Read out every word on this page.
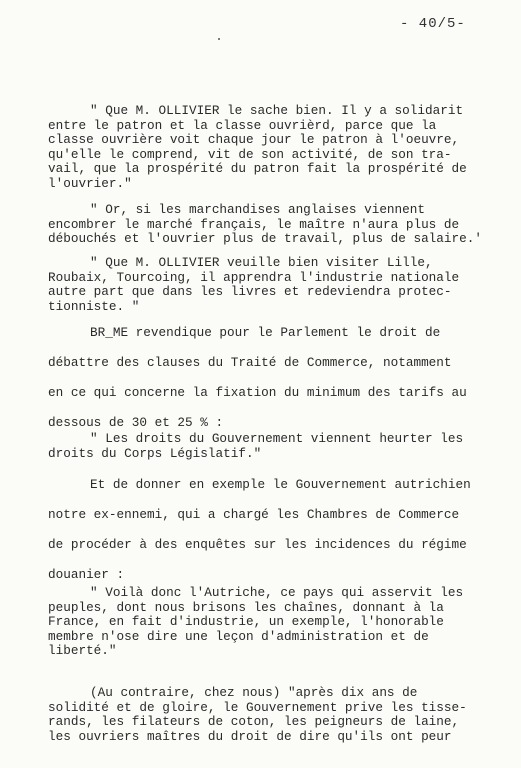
- 40/5-

" Que M. OLLIVIER le sache bien. Il y a solidarit

entre le patron et la classe ouvrièrd, parce que la

classe ouvrière voit chaque jour le patron à l'oeuvre,

qu'elle le comprend, vit de son activité, de son tra-

vail, que la prospérité du patron fait la prospérité de

l'ouvrier."

" Or, si les marchandises anglaises viennent

encombrer le marché français, le maître n'aura plus de

débouchés et l'ouvrier plus de travail, plus de salaire.'

" Que M. OLLIVIER veuille bien visiter Lille,

Roubaix, Tourcoing, il apprendra l'industrie nationale

autre part que dans les livres et redeviendra protec-

tionniste. "

BR_ME revendique pour le Parlement le droit de

débattre des clauses du Traité de Commerce, notamment

en ce qui concerne la fixation du minimum des tarifs au

dessous de 30 et 25 % :

" Les droits du Gouvernement viennent heurter les

droits du Corps Législatif."

Et de donner en exemple le Gouvernement autrichien

notre ex-ennemi, qui a chargé les Chambres de Commerce

de procéder à des enquêtes sur les incidences du régime

douanier :

" Voilà donc l'Autriche, ce pays qui asservit les

peuples, dont nous brisons les chaînes, donnant à la

France, en fait d'industrie, un exemple, l'honorable

membre n'ose dire une leçon d'administration et de

liberté."

(Au contraire, chez nous) "après dix ans de

solidité et de gloire, le Gouvernement prive les tisse-

rands, les filateurs de coton, les peigneurs de laine,

les ouvriers maîtres du droit de dire qu'ils ont peur
